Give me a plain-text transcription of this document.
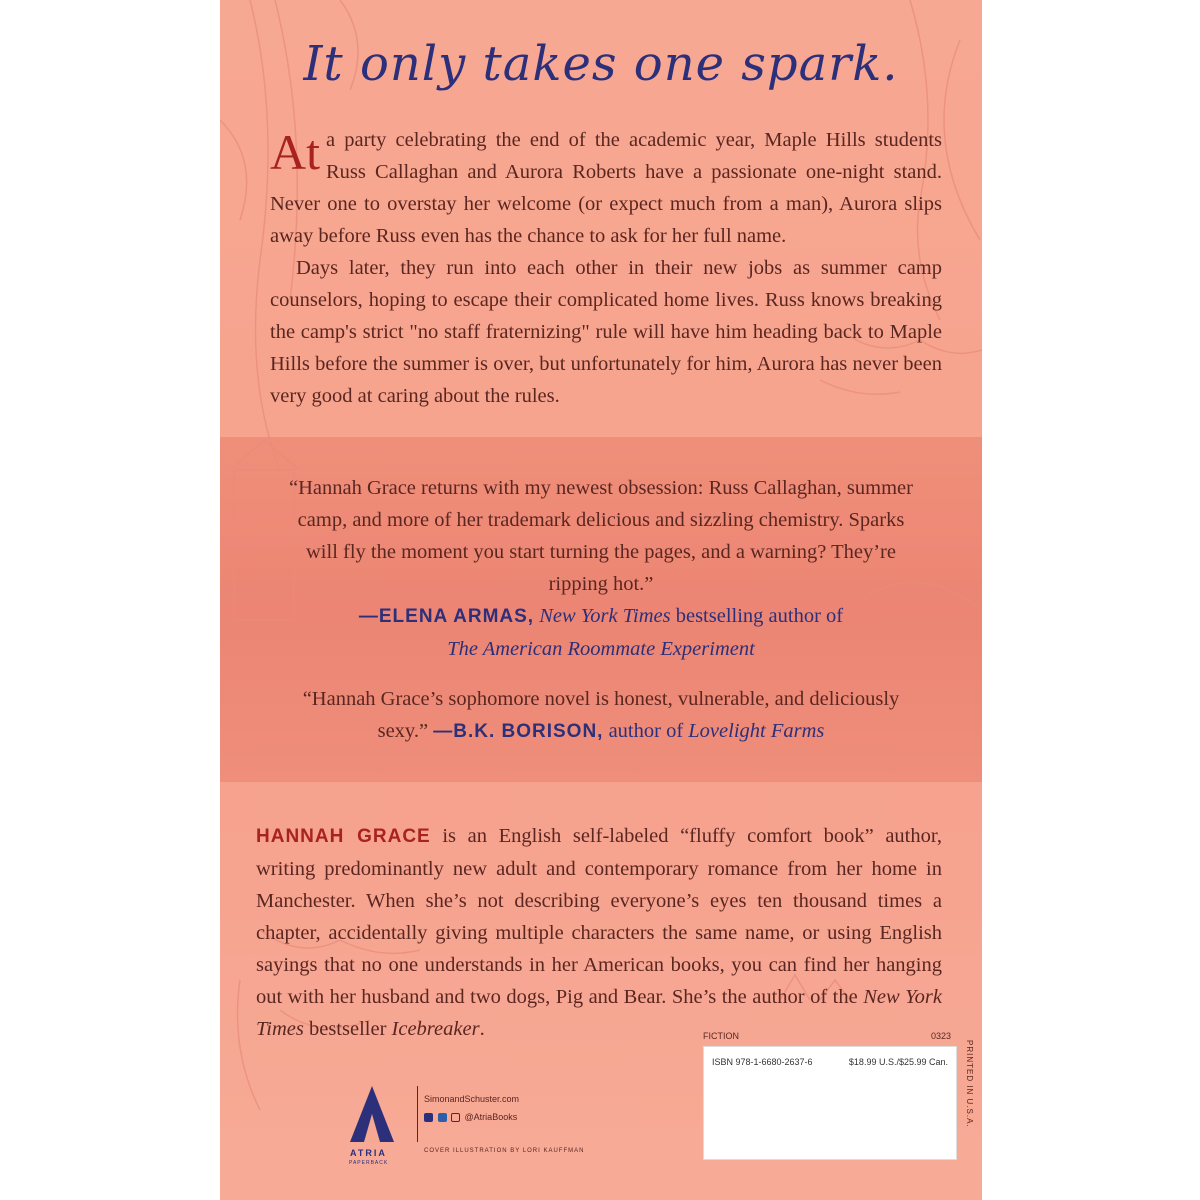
It only takes one spark.

At a party celebrating the end of the academic year, Maple Hills students Russ Callaghan and Aurora Roberts have a passionate one-night stand. Never one to overstay her welcome (or expect much from a man), Aurora slips away before Russ even has the chance to ask for her full name.

Days later, they run into each other in their new jobs as summer camp counselors, hoping to escape their complicated home lives. Russ knows breaking the camp's strict "no staff fraternizing" rule will have him heading back to Maple Hills before the summer is over, but unfortunately for him, Aurora has never been very good at caring about the rules.

“Hannah Grace returns with my newest obsession: Russ Callaghan, summer camp, and more of her trademark delicious and sizzling chemistry. Sparks will fly the moment you start turning the pages, and a warning? They’re ripping hot.”
—ELENA ARMAS, New York Times bestselling author of
The American Roommate Experiment

“Hannah Grace’s sophomore novel is honest, vulnerable, and deliciously sexy.” —B.K. BORISON, author of Lovelight Farms

HANNAH GRACE is an English self-labeled “fluffy comfort book” author, writing predominantly new adult and contemporary romance from her home in Manchester. When she’s not describing everyone’s eyes ten thousand times a chapter, accidentally giving multiple characters the same name, or using English sayings that no one understands in her American books, you can find her hanging out with her husband and two dogs, Pig and Bear. She’s the author of the New York Times bestseller Icebreaker.	FICTION	0323
ISBN 978-1-6680-2637-6	$18.99 U.S./$25.99 Can.	PRINTED IN U.S.A.
ATRIA
PAPERBACK
SimonandSchuster.com
@AtriaBooks
COVER ILLUSTRATION BY LORI KAUFFMAN
